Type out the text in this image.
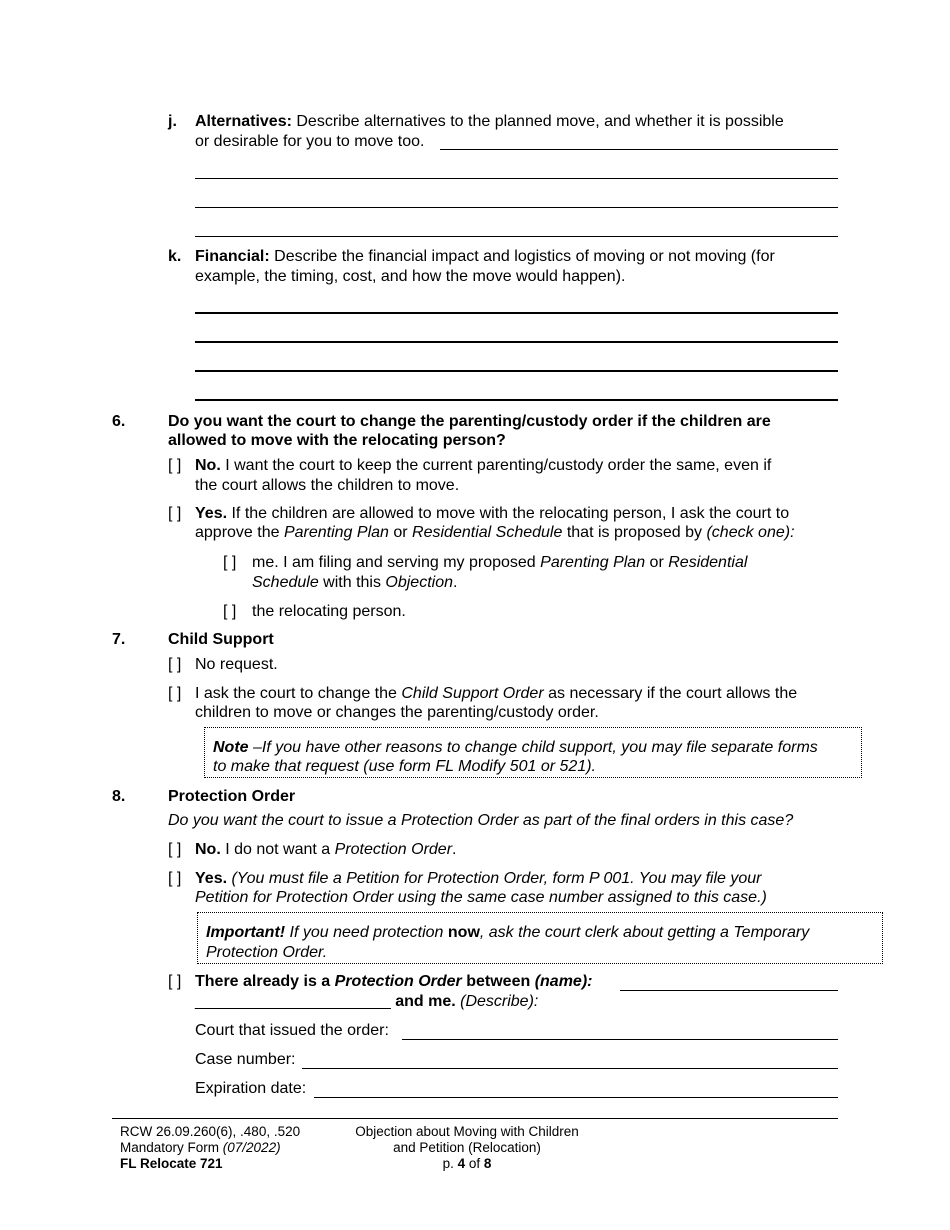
j. Alternatives: Describe alternatives to the planned move, and whether it is possible
or desirable for you to move too.
k. Financial: Describe the financial impact and logistics of moving or not moving (for
example, the timing, cost, and how the move would happen).
6.	Do you want the court to change the parenting/custody order if the children are
allowed to move with the relocating person?
[ ] No. I want the court to keep the current parenting/custody order the same, even if
the court allows the children to move.
[ ] Yes. If the children are allowed to move with the relocating person, I ask the court to
approve the Parenting Plan or Residential Schedule that is proposed by (check one):
[ ] me. I am filing and serving my proposed Parenting Plan or Residential
Schedule with this Objection.
[ ] the relocating person.
7.	Child Support
[ ] No request.
[ ] I ask the court to change the Child Support Order as necessary if the court allows the
children to move or changes the parenting/custody order.
Note –If you have other reasons to change child support, you may file separate forms
to make that request (use form FL Modify 501 or 521).
8.	Protection Order
Do you want the court to issue a Protection Order as part of the final orders in this case?
[ ] No. I do not want a Protection Order.
[ ] Yes. (You must file a Petition for Protection Order, form P 001. You may file your
Petition for Protection Order using the same case number assigned to this case.)
Important! If you need protection now, ask the court clerk about getting a Temporary
Protection Order.
[ ] There already is a Protection Order between (name):
______________________ and me. (Describe):
Court that issued the order:
Case number:
Expiration date:
RCW 26.09.260(6), .480, .520
Mandatory Form (07/2022)
FL Relocate 721
Objection about Moving with Children
and Petition (Relocation)
p. 4 of 8
